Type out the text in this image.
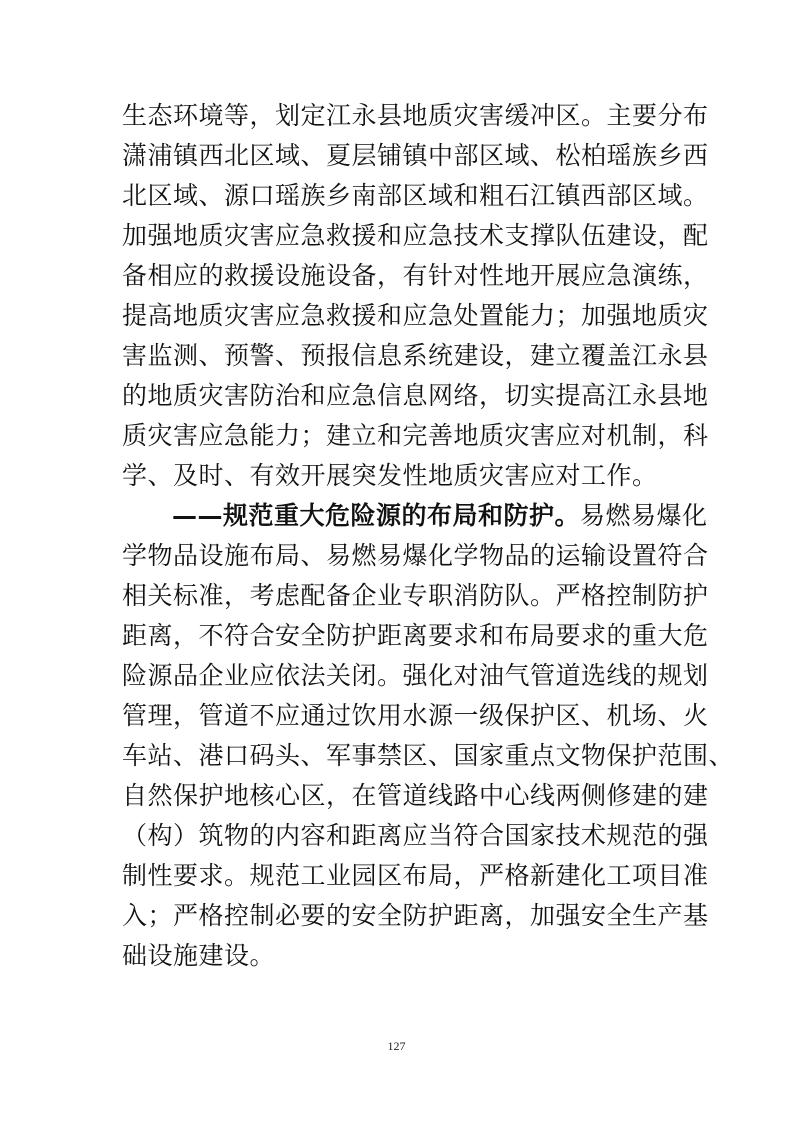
生态环境等，划定江永县地质灾害缓冲区。主要分布
潇浦镇西北区域、夏层铺镇中部区域、松柏瑶族乡西
北区域、源口瑶族乡南部区域和粗石江镇西部区域。
加强地质灾害应急救援和应急技术支撑队伍建设，配
备相应的救援设施设备，有针对性地开展应急演练，
提高地质灾害应急救援和应急处置能力；加强地质灾
害监测、预警、预报信息系统建设，建立覆盖江永县
的地质灾害防治和应急信息网络，切实提高江永县地
质灾害应急能力；建立和完善地质灾害应对机制，科
学、及时、有效开展突发性地质灾害应对工作。
——规范重大危险源的布局和防护。易燃易爆化
学物品设施布局、易燃易爆化学物品的运输设置符合
相关标准，考虑配备企业专职消防队。严格控制防护
距离，不符合安全防护距离要求和布局要求的重大危
险源品企业应依法关闭。强化对油气管道选线的规划
管理，管道不应通过饮用水源一级保护区、机场、火
车站、港口码头、军事禁区、国家重点文物保护范围、
自然保护地核心区，在管道线路中心线两侧修建的建
（构）筑物的内容和距离应当符合国家技术规范的强
制性要求。规范工业园区布局，严格新建化工项目准
入；严格控制必要的安全防护距离，加强安全生产基
础设施建设。
127
